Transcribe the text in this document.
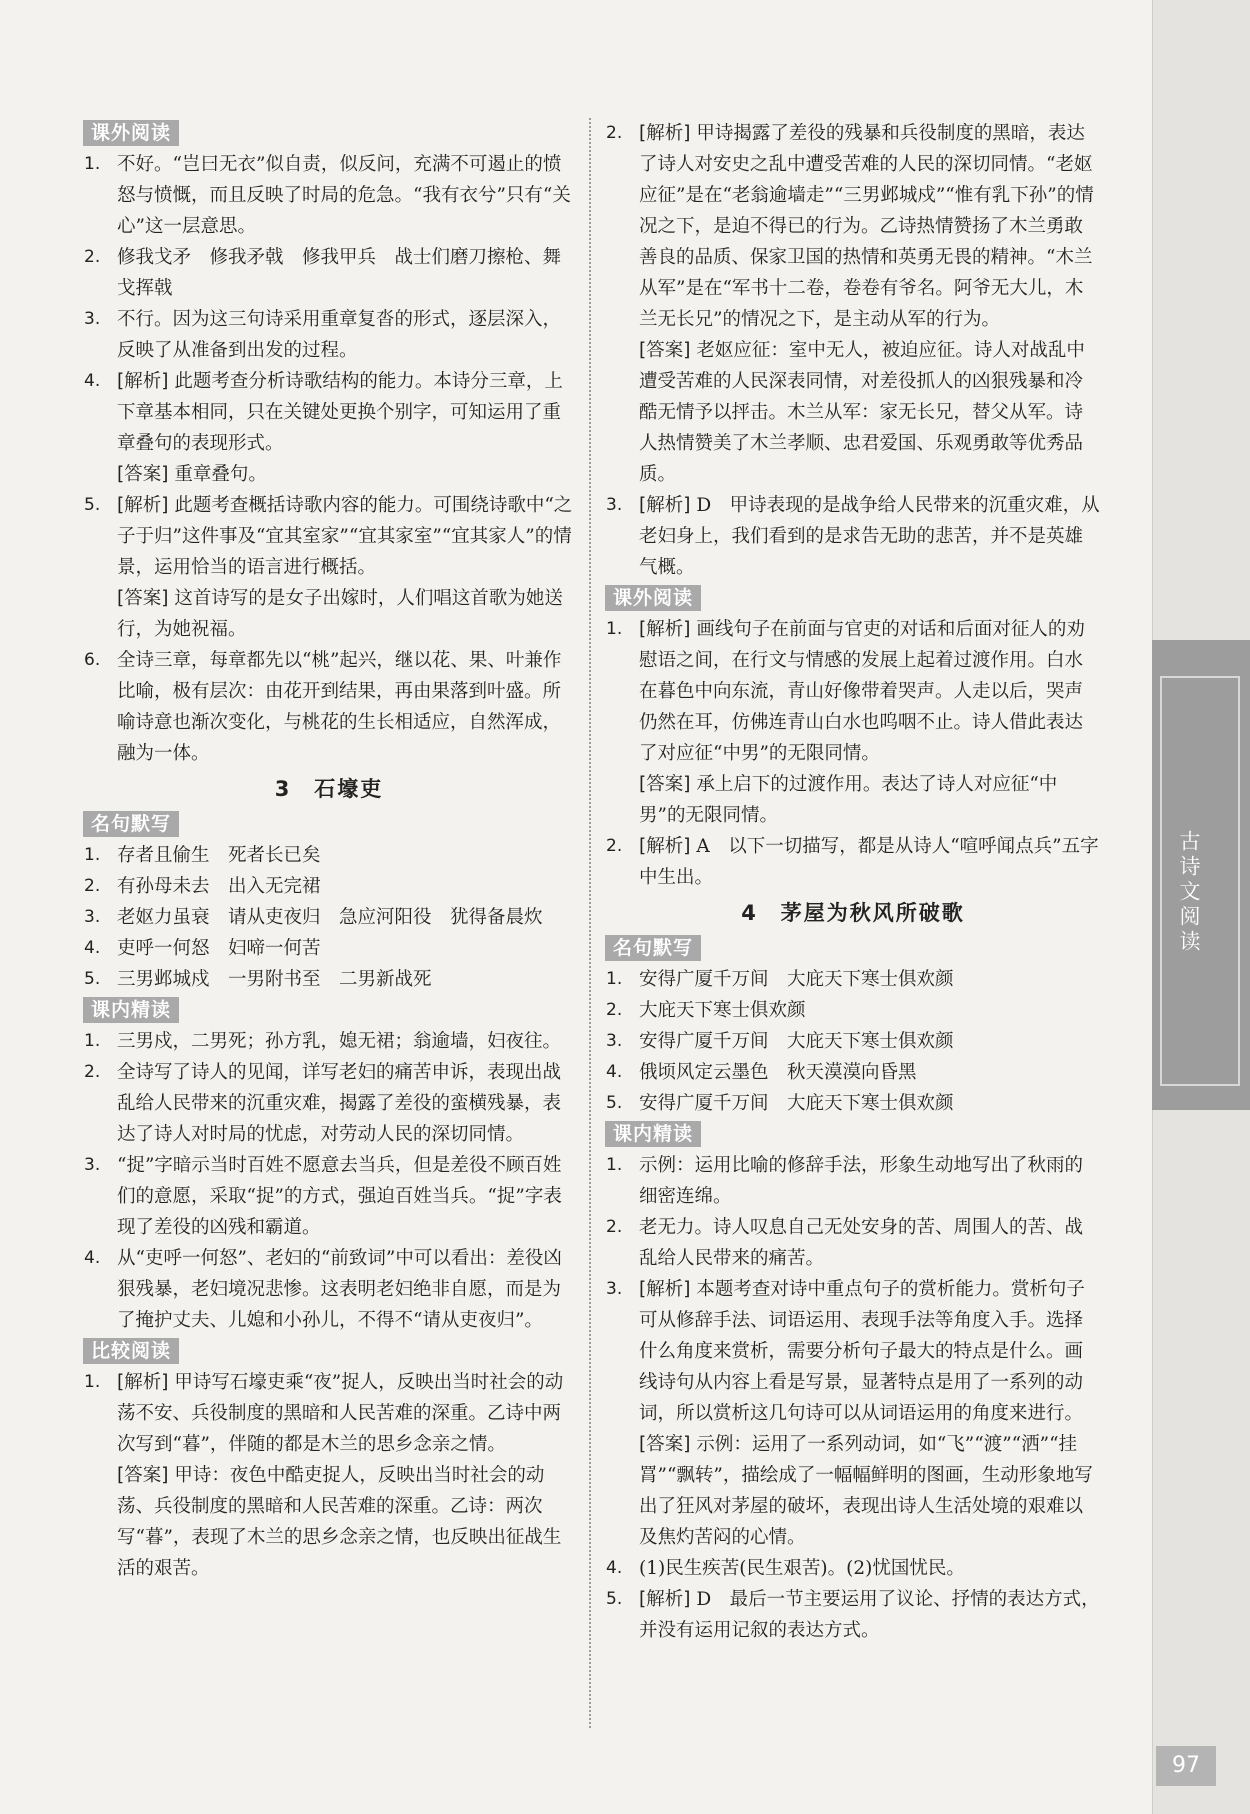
古诗文阅读
97
课外阅读
1. 不好。“岂曰无衣”似自责，似反问，充满不可遏止的愤怒与愤慨，而且反映了时局的危急。“我有衣兮”只有“关心”这一层意思。
2. 修我戈矛　修我矛戟　修我甲兵　战士们磨刀擦枪、舞戈挥戟
3. 不行。因为这三句诗采用重章复沓的形式，逐层深入，反映了从准备到出发的过程。
4. [解析] 此题考查分析诗歌结构的能力。本诗分三章，上下章基本相同，只在关键处更换个别字，可知运用了重章叠句的表现形式。
[答案] 重章叠句。
5. [解析] 此题考查概括诗歌内容的能力。可围绕诗歌中“之子于归”这件事及“宜其室家”“宜其家室”“宜其家人”的情景，运用恰当的语言进行概括。
[答案] 这首诗写的是女子出嫁时，人们唱这首歌为她送行，为她祝福。
6. 全诗三章，每章都先以“桃”起兴，继以花、果、叶兼作比喻，极有层次：由花开到结果，再由果落到叶盛。所喻诗意也渐次变化，与桃花的生长相适应，自然浑成，融为一体。
3　石壕吏
名句默写
1. 存者且偷生　死者长已矣
2. 有孙母未去　出入无完裙
3. 老妪力虽衰　请从吏夜归　急应河阳役　犹得备晨炊
4. 吏呼一何怒　妇啼一何苦
5. 三男邺城戍　一男附书至　二男新战死
课内精读
1. 三男戍，二男死；孙方乳，媳无裙；翁逾墙，妇夜往。
2. 全诗写了诗人的见闻，详写老妇的痛苦申诉，表现出战乱给人民带来的沉重灾难，揭露了差役的蛮横残暴，表达了诗人对时局的忧虑，对劳动人民的深切同情。
3. “捉”字暗示当时百姓不愿意去当兵，但是差役不顾百姓们的意愿，采取“捉”的方式，强迫百姓当兵。“捉”字表现了差役的凶残和霸道。
4. 从“吏呼一何怒”、老妇的“前致词”中可以看出：差役凶狠残暴，老妇境况悲惨。这表明老妇绝非自愿，而是为了掩护丈夫、儿媳和小孙儿，不得不“请从吏夜归”。
比较阅读
1. [解析] 甲诗写石壕吏乘“夜”捉人，反映出当时社会的动荡不安、兵役制度的黑暗和人民苦难的深重。乙诗中两次写到“暮”，伴随的都是木兰的思乡念亲之情。
[答案] 甲诗：夜色中酷吏捉人，反映出当时社会的动荡、兵役制度的黑暗和人民苦难的深重。乙诗：两次写“暮”，表现了木兰的思乡念亲之情，也反映出征战生活的艰苦。
2. [解析] 甲诗揭露了差役的残暴和兵役制度的黑暗，表达了诗人对安史之乱中遭受苦难的人民的深切同情。“老妪应征”是在“老翁逾墙走”“三男邺城戍”“惟有乳下孙”的情况之下，是迫不得已的行为。乙诗热情赞扬了木兰勇敢善良的品质、保家卫国的热情和英勇无畏的精神。“木兰从军”是在“军书十二卷，卷卷有爷名。阿爷无大儿，木兰无长兄”的情况之下，是主动从军的行为。
[答案] 老妪应征：室中无人，被迫应征。诗人对战乱中遭受苦难的人民深表同情，对差役抓人的凶狠残暴和冷酷无情予以抨击。木兰从军：家无长兄，替父从军。诗人热情赞美了木兰孝顺、忠君爱国、乐观勇敢等优秀品质。
3. [解析] D　甲诗表现的是战争给人民带来的沉重灾难，从老妇身上，我们看到的是求告无助的悲苦，并不是英雄气概。
课外阅读
1. [解析] 画线句子在前面与官吏的对话和后面对征人的劝慰语之间，在行文与情感的发展上起着过渡作用。白水在暮色中向东流，青山好像带着哭声。人走以后，哭声仍然在耳，仿佛连青山白水也呜咽不止。诗人借此表达了对应征“中男”的无限同情。
[答案] 承上启下的过渡作用。表达了诗人对应征“中男”的无限同情。
2. [解析] A　以下一切描写，都是从诗人“喧呼闻点兵”五字中生出。
4　茅屋为秋风所破歌
名句默写
1. 安得广厦千万间　大庇天下寒士俱欢颜
2. 大庇天下寒士俱欢颜
3. 安得广厦千万间　大庇天下寒士俱欢颜
4. 俄顷风定云墨色　秋天漠漠向昏黑
5. 安得广厦千万间　大庇天下寒士俱欢颜
课内精读
1. 示例：运用比喻的修辞手法，形象生动地写出了秋雨的细密连绵。
2. 老无力。诗人叹息自己无处安身的苦、周围人的苦、战乱给人民带来的痛苦。
3. [解析] 本题考查对诗中重点句子的赏析能力。赏析句子可从修辞手法、词语运用、表现手法等角度入手。选择什么角度来赏析，需要分析句子最大的特点是什么。画线诗句从内容上看是写景，显著特点是用了一系列的动词，所以赏析这几句诗可以从词语运用的角度来进行。
[答案] 示例：运用了一系列动词，如“飞”“渡”“洒”“挂罥”“飘转”，描绘成了一幅幅鲜明的图画，生动形象地写出了狂风对茅屋的破坏，表现出诗人生活处境的艰难以及焦灼苦闷的心情。
4. (1)民生疾苦(民生艰苦)。(2)忧国忧民。
5. [解析] D　最后一节主要运用了议论、抒情的表达方式，并没有运用记叙的表达方式。
